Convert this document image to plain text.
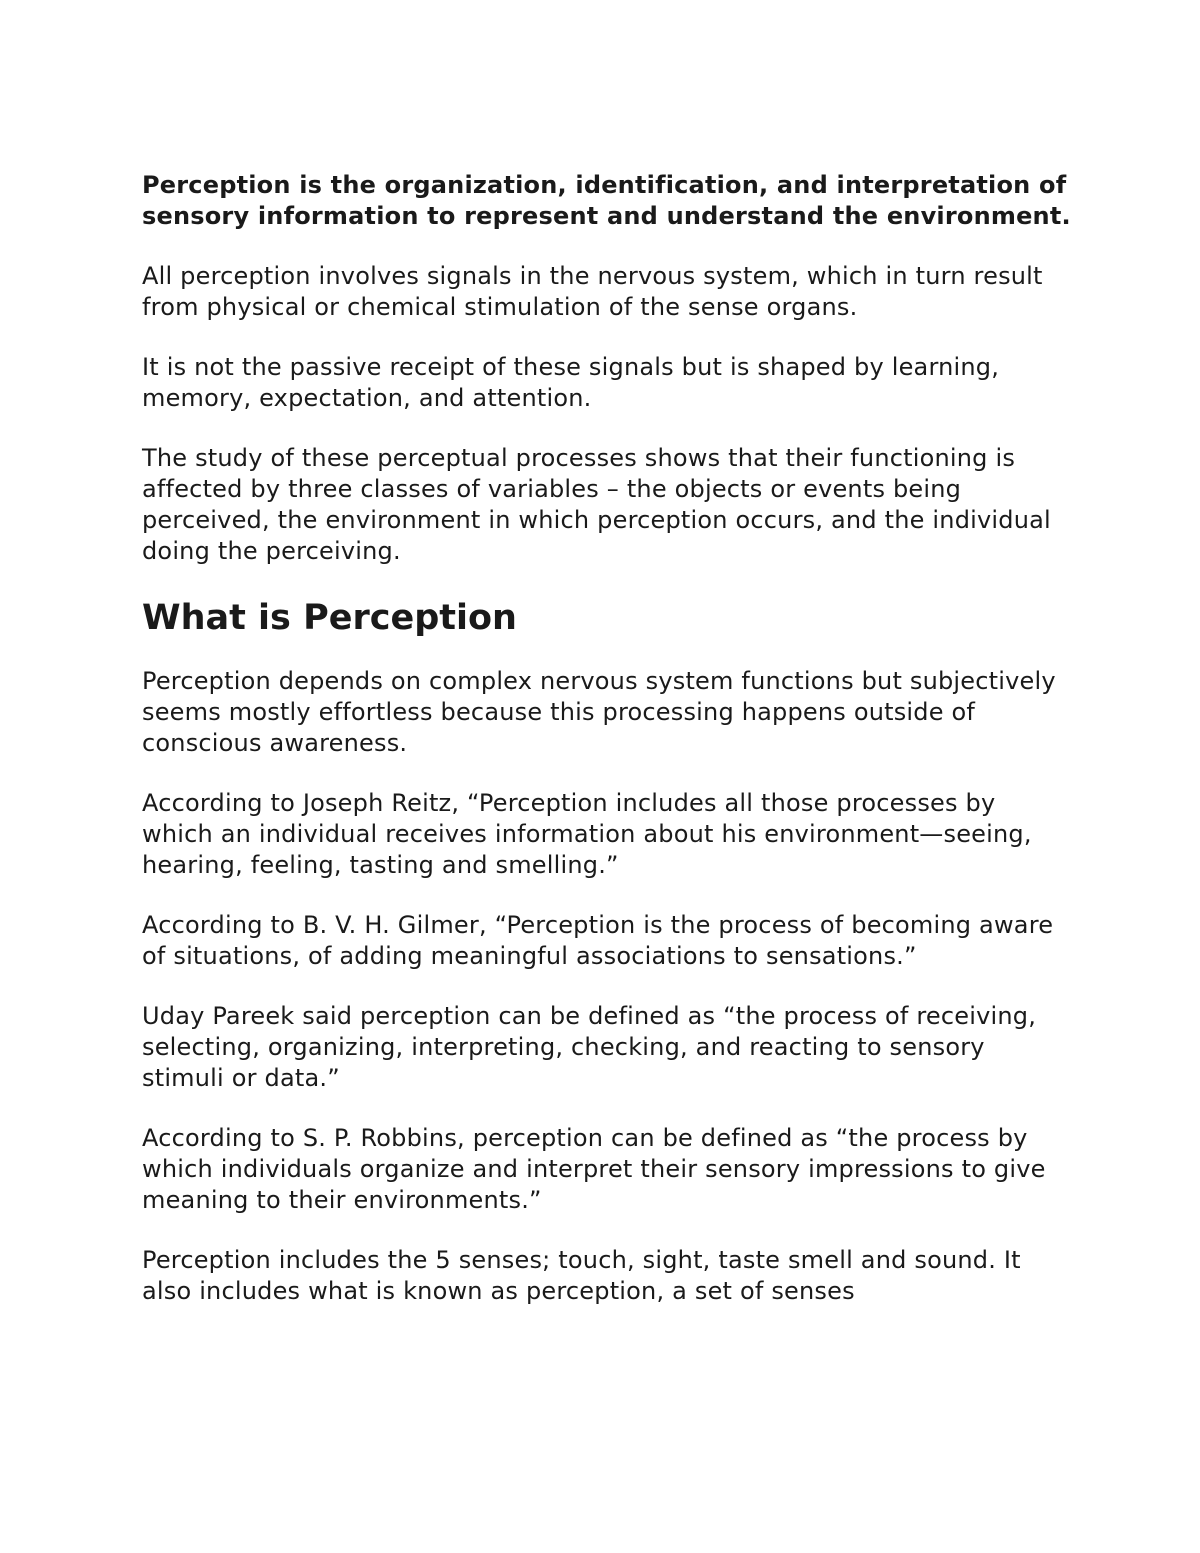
Perception is the organization, identification, and interpretation of sensory information to represent and understand the environment.

All perception involves signals in the nervous system, which in turn result from physical or chemical stimulation of the sense organs.

It is not the passive receipt of these signals but is shaped by learning, memory, expectation, and attention.

The study of these perceptual processes shows that their functioning is affected by three classes of variables – the objects or events being perceived, the environment in which perception occurs, and the individual doing the perceiving.

What is Perception

Perception depends on complex nervous system functions but subjectively seems mostly effortless because this processing happens outside of conscious awareness.

According to Joseph Reitz, “Perception includes all those processes by which an individual receives information about his environment—seeing, hearing, feeling, tasting and smelling.”

According to B. V. H. Gilmer, “Perception is the process of becoming aware of situations, of adding meaningful associations to sensations.”

Uday Pareek said perception can be defined as “the process of receiving, selecting, organizing, interpreting, checking, and reacting to sensory stimuli or data.”

According to S. P. Robbins, perception can be defined as “the process by which individuals organize and interpret their sensory impressions to give meaning to their environments.”

Perception includes the 5 senses; touch, sight, taste smell and sound. It also includes what is known as perception, a set of senses
